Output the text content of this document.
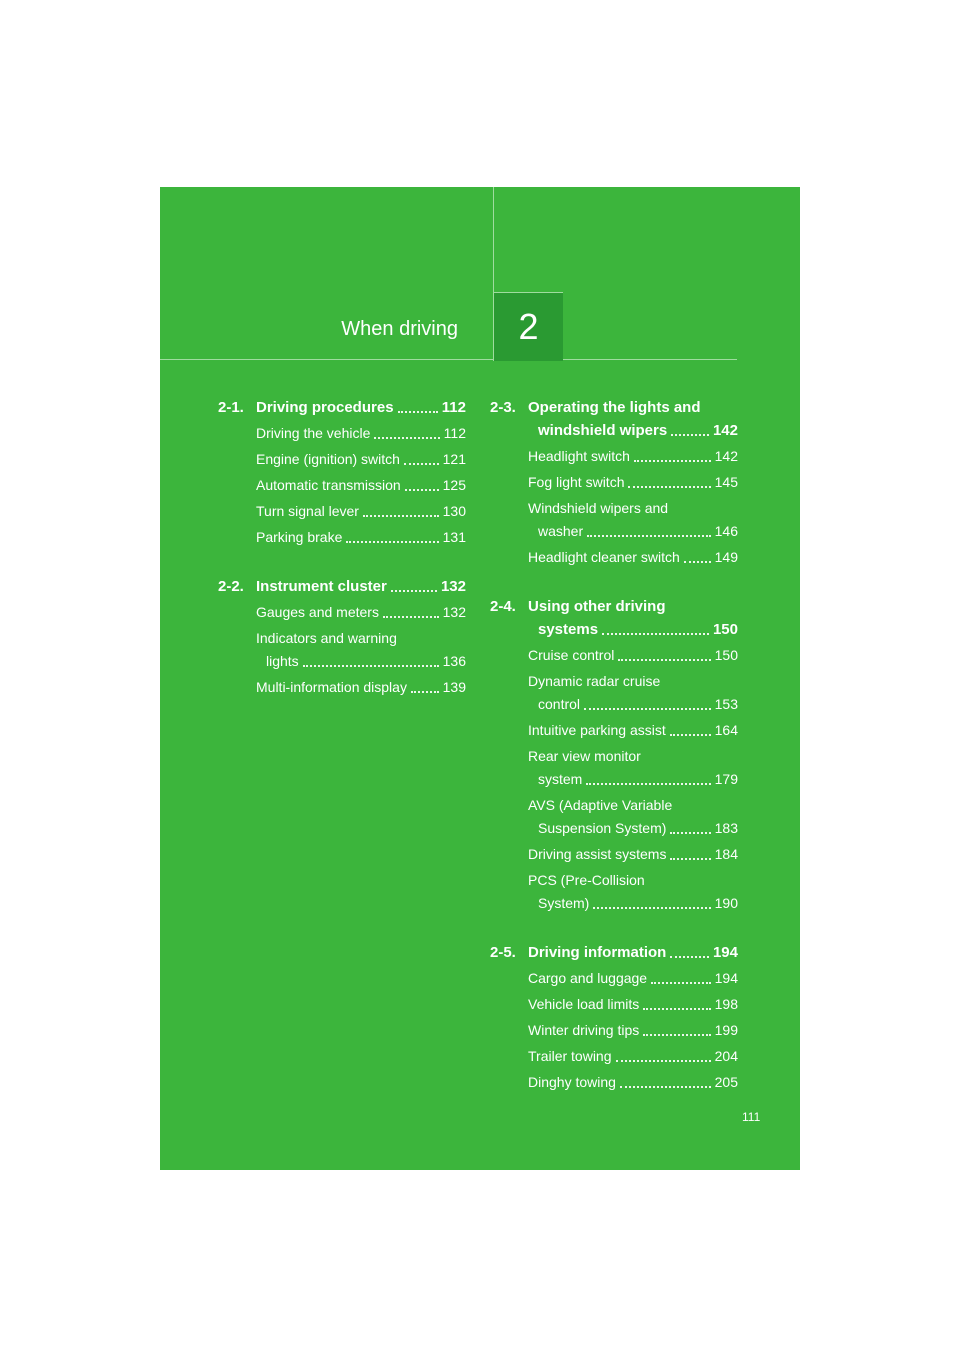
When driving	2
2-1. Driving procedures	112
Driving the vehicle	112
Engine (ignition) switch	121
Automatic transmission	125
Turn signal lever	130
Parking brake	131
2-2. Instrument cluster	132
Gauges and meters	132
Indicators and warning
lights	136
Multi-information display	139
2-3. Operating the lights and
windshield wipers	142
Headlight switch	142
Fog light switch	145
Windshield wipers and
washer	146
Headlight cleaner switch 149
2-4. Using other driving
systems	150
Cruise control	150
Dynamic radar cruise
control	153
Intuitive parking assist	164
Rear view monitor
system	179
AVS (Adaptive Variable
Suspension System)	183
Driving assist systems	184
PCS (Pre-Collision
System)	190
2-5. Driving information	194
Cargo and luggage	194
Vehicle load limits	198
Winter driving tips	199
Trailer towing	204
Dinghy towing	205
111
